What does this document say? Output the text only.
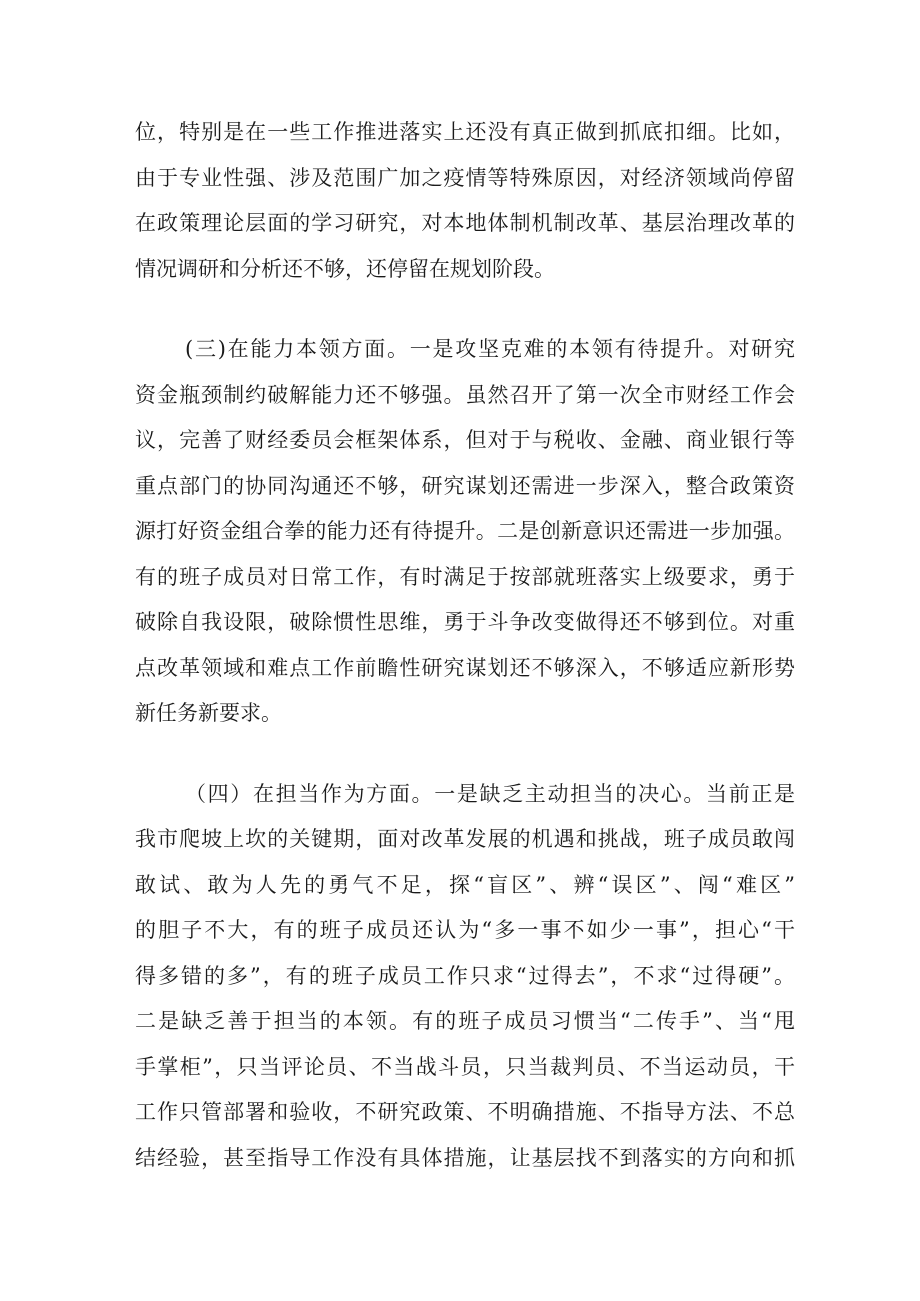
位，特别是在一些工作推进落实上还没有真正做到抓底扣细。比如，
由于专业性强、涉及范围广加之疫情等特殊原因，对经济领域尚停留
在政策理论层面的学习研究，对本地体制机制改革、基层治理改革的
情况调研和分析还不够，还停留在规划阶段。
(三)在能力本领方面。一是攻坚克难的本领有待提升。对研究
资金瓶颈制约破解能力还不够强。虽然召开了第一次全市财经工作会
议，完善了财经委员会框架体系，但对于与税收、金融、商业银行等
重点部门的协同沟通还不够，研究谋划还需进一步深入，整合政策资
源打好资金组合拳的能力还有待提升。二是创新意识还需进一步加强。
有的班子成员对日常工作，有时满足于按部就班落实上级要求，勇于
破除自我设限，破除惯性思维，勇于斗争改变做得还不够到位。对重
点改革领域和难点工作前瞻性研究谋划还不够深入，不够适应新形势
新任务新要求。
（四）在担当作为方面。一是缺乏主动担当的决心。当前正是
我市爬坡上坎的关键期，面对改革发展的机遇和挑战，班子成员敢闯
敢试、敢为人先的勇气不足，探“盲区”、辨“误区”、闯“难区”
的胆子不大，有的班子成员还认为“多一事不如少一事”，担心“干
得多错的多”，有的班子成员工作只求“过得去”，不求“过得硬”。
二是缺乏善于担当的本领。有的班子成员习惯当“二传手”、当“甩
手掌柜”，只当评论员、不当战斗员，只当裁判员、不当运动员，干
工作只管部署和验收，不研究政策、不明确措施、不指导方法、不总
结经验，甚至指导工作没有具体措施，让基层找不到落实的方向和抓
